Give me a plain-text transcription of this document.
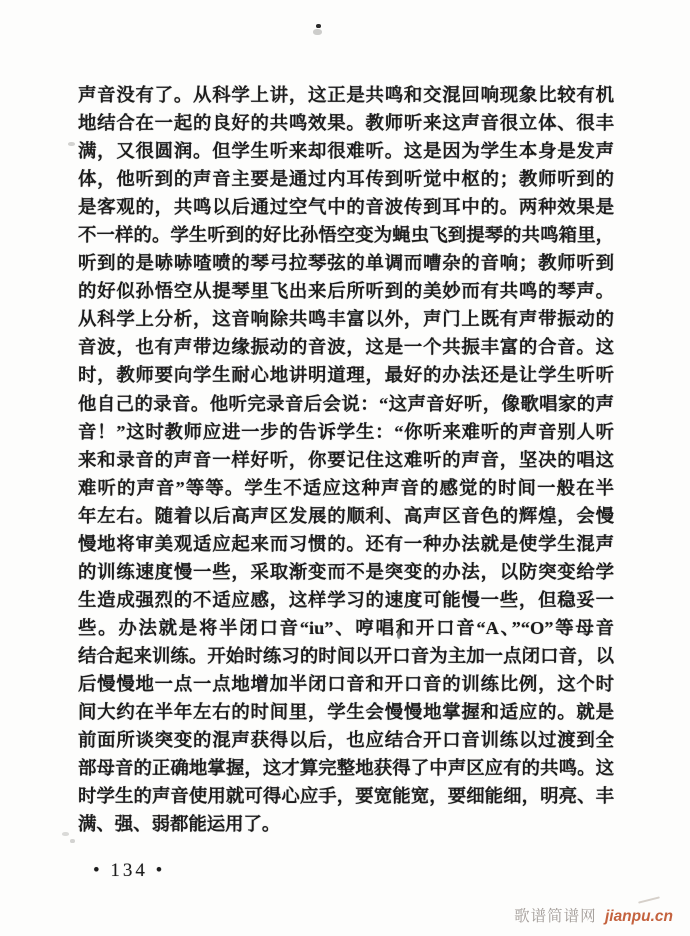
声音没有了。从科学上讲，这正是共鸣和交混回响现象比较有机
地结合在一起的良好的共鸣效果。教师听来这声音很立体、很丰
满，又很圆润。但学生听来却很难听。这是因为学生本身是发声
体，他听到的声音主要是通过内耳传到听觉中枢的；教师听到的
是客观的，共鸣以后通过空气中的音波传到耳中的。两种效果是
不一样的。学生听到的好比孙悟空变为蝇虫飞到提琴的共鸣箱里，
听到的是哧哧喳喷的琴弓拉琴弦的单调而嘈杂的音响；教师听到
的好似孙悟空从提琴里飞出来后所听到的美妙而有共鸣的琴声。
从科学上分析，这音响除共鸣丰富以外，声门上既有声带振动的
音波，也有声带边缘振动的音波，这是一个共振丰富的合音。这
时，教师要向学生耐心地讲明道理，最好的办法还是让学生听听
他自己的录音。他听完录音后会说：“这声音好听，像歌唱家的声
音！”这时教师应进一步的告诉学生：“你听来难听的声音别人听
来和录音的声音一样好听，你要记住这难听的声音，坚决的唱这
难听的声音”等等。学生不适应这种声音的感觉的时间一般在半
年左右。随着以后高声区发展的顺利、高声区音色的辉煌，会慢
慢地将审美观适应起来而习惯的。还有一种办法就是使学生混声
的训练速度慢一些，采取渐变而不是突变的办法，以防突变给学
生造成强烈的不适应感，这样学习的速度可能慢一些，但稳妥一
些。办法就是将半闭口音“iu”、哼唱和开口音“A、”“O”等母音
结合起来训练。开始时练习的时间以开口音为主加一点闭口音，以
后慢慢地一点一点地增加半闭口音和开口音的训练比例，这个时
间大约在半年左右的时间里，学生会慢慢地掌握和适应的。就是
前面所谈突变的混声获得以后，也应结合开口音训练以过渡到全
部母音的正确地掌握，这才算完整地获得了中声区应有的共鸣。这
时学生的声音使用就可得心应手，要宽能宽，要细能细，明亮、丰
满、强、弱都能运用了。
• 134 •
歌谱简谱网 jianpu.cn
